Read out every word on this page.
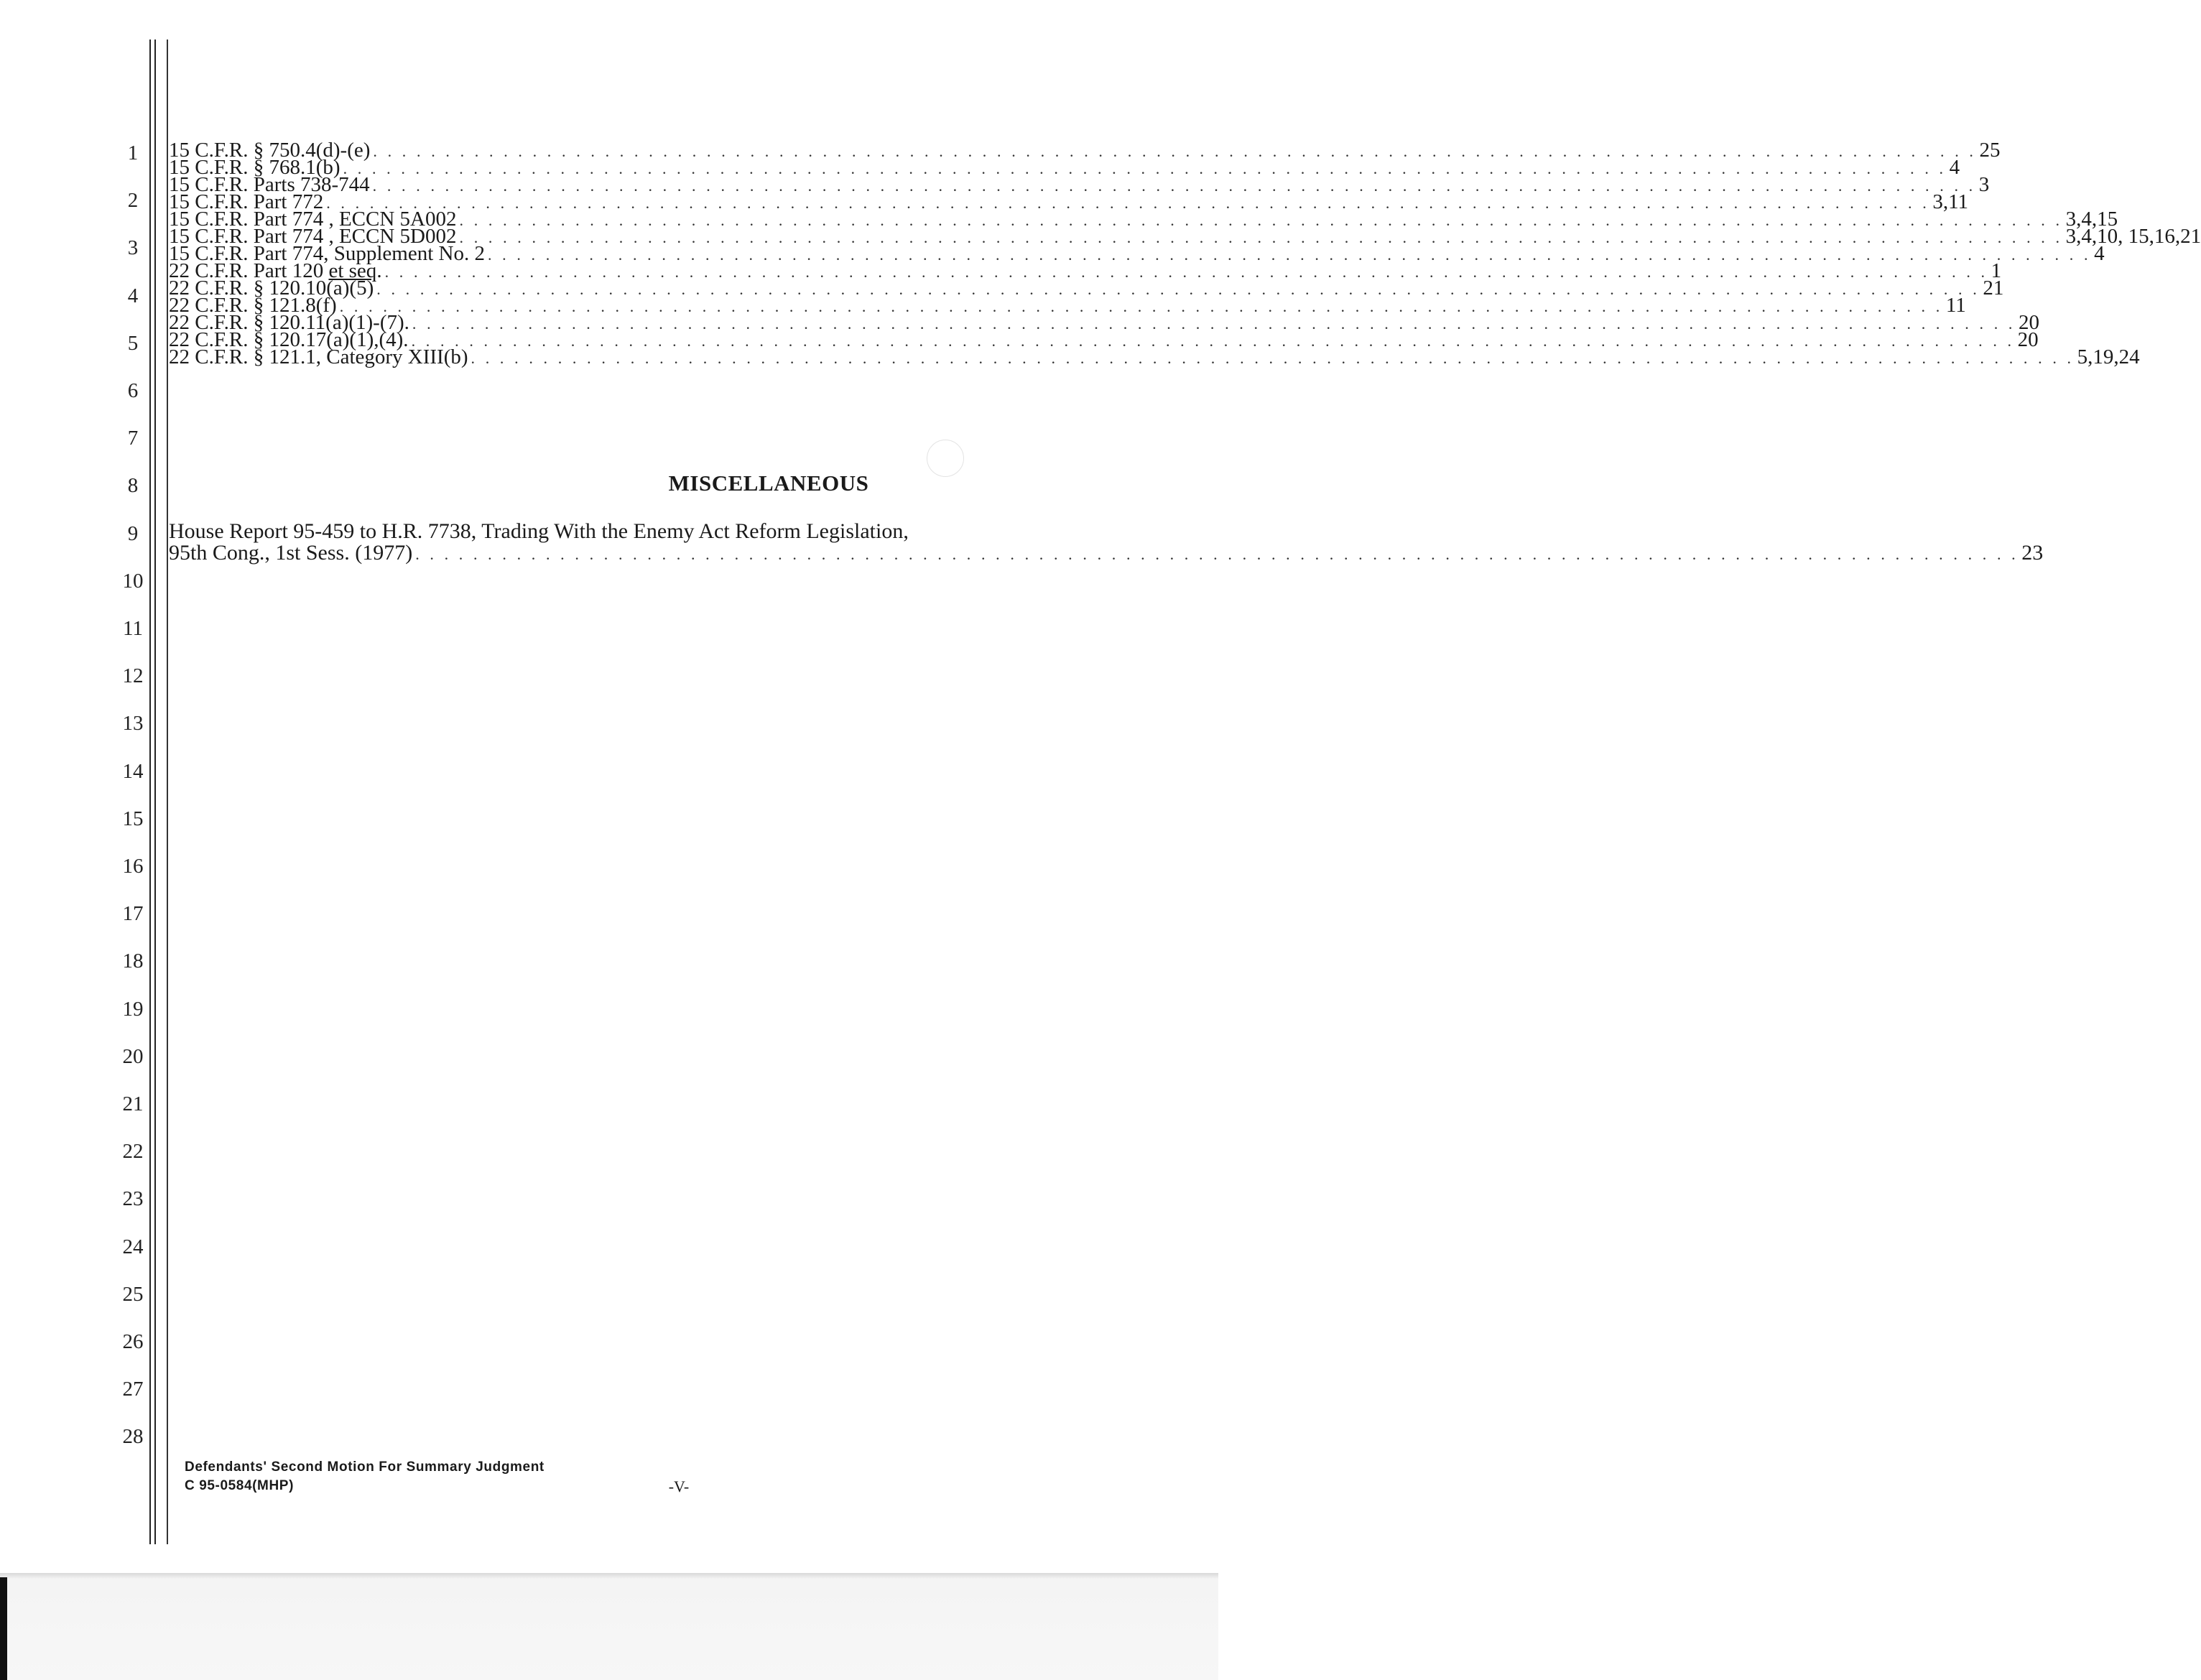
1
2
3
4
5
6
7
8
9
10
11
12
13
14
15
16
17
18
19
20
21
22
23
24
25
26
27
28
15 C.F.R. § 750.4(d)-(e) . . . . . . . . . . . . . . . . . . . . . . . . . . . . . . . . . . . . . . . . . . . . . . . . . . . . . . . . . . . . . . . . . . . . . . . . . . . . . . . . . . . . . . . . . . . . . . . . . . . . . . . . . . . . . . . 25
15 C.F.R. § 768.1(b) . . . . . . . . . . . . . . . . . . . . . . . . . . . . . . . . . . . . . . . . . . . . . . . . . . . . . . . . . . . . . . . . . . . . . . . . . . . . . . . . . . . . . . . . . . . . . . . . . . . . . . . . . . . . . . . 4
15 C.F.R. Parts 738-744 . . . . . . . . . . . . . . . . . . . . . . . . . . . . . . . . . . . . . . . . . . . . . . . . . . . . . . . . . . . . . . . . . . . . . . . . . . . . . . . . . . . . . . . . . . . . . . . . . . . . . . . . . . . . . . . 3
15 C.F.R. Part 772 . . . . . . . . . . . . . . . . . . . . . . . . . . . . . . . . . . . . . . . . . . . . . . . . . . . . . . . . . . . . . . . . . . . . . . . . . . . . . . . . . . . . . . . . . . . . . . . . . . . . . . . . . . . . . . . 3,11
15 C.F.R. Part 774 , ECCN 5A002 . . . . . . . . . . . . . . . . . . . . . . . . . . . . . . . . . . . . . . . . . . . . . . . . . . . . . . . . . . . . . . . . . . . . . . . . . . . . . . . . . . . . . . . . . . . . . . . . . . . . . . . . . . . . . . . 3,4,15
15 C.F.R. Part 774 , ECCN 5D002 . . . . . . . . . . . . . . . . . . . . . . . . . . . . . . . . . . . . . . . . . . . . . . . . . . . . . . . . . . . . . . . . . . . . . . . . . . . . . . . . . . . . . . . . . . . . . . . . . . . . . . . . . . . . . . . 3,4,10, 15,16,21
15 C.F.R. Part 774, Supplement No. 2 . . . . . . . . . . . . . . . . . . . . . . . . . . . . . . . . . . . . . . . . . . . . . . . . . . . . . . . . . . . . . . . . . . . . . . . . . . . . . . . . . . . . . . . . . . . . . . . . . . . . . . . . . . . . . . . 4
22 C.F.R. Part 120 et seq. . . . . . . . . . . . . . . . . . . . . . . . . . . . . . . . . . . . . . . . . . . . . . . . . . . . . . . . . . . . . . . . . . . . . . . . . . . . . . . . . . . . . . . . . . . . . . . . . . . . . . . . . . . . . . . . 1
22 C.F.R. § 120.10(a)(5) . . . . . . . . . . . . . . . . . . . . . . . . . . . . . . . . . . . . . . . . . . . . . . . . . . . . . . . . . . . . . . . . . . . . . . . . . . . . . . . . . . . . . . . . . . . . . . . . . . . . . . . . . . . . . . . 21
22 C.F.R. § 121.8(f) . . . . . . . . . . . . . . . . . . . . . . . . . . . . . . . . . . . . . . . . . . . . . . . . . . . . . . . . . . . . . . . . . . . . . . . . . . . . . . . . . . . . . . . . . . . . . . . . . . . . . . . . . . . . . . . 11
22 C.F.R. § 120.11(a)(1)-(7). . . . . . . . . . . . . . . . . . . . . . . . . . . . . . . . . . . . . . . . . . . . . . . . . . . . . . . . . . . . . . . . . . . . . . . . . . . . . . . . . . . . . . . . . . . . . . . . . . . . . . . . . . . . . . . . 20
22 C.F.R. § 120.17(a)(1),(4). . . . . . . . . . . . . . . . . . . . . . . . . . . . . . . . . . . . . . . . . . . . . . . . . . . . . . . . . . . . . . . . . . . . . . . . . . . . . . . . . . . . . . . . . . . . . . . . . . . . . . . . . . . . . . . . 20
22 C.F.R. § 121.1, Category XIII(b) . . . . . . . . . . . . . . . . . . . . . . . . . . . . . . . . . . . . . . . . . . . . . . . . . . . . . . . . . . . . . . . . . . . . . . . . . . . . . . . . . . . . . . . . . . . . . . . . . . . . . . . . . . . . . . . 5,19,24
MISCELLANEOUS
House Report 95-459 to H.R. 7738, Trading With the Enemy Act Reform Legislation,
95th Cong., 1st Sess. (1977) . . . . . . . . . . . . . . . . . . . . . . . . . . . . . . . . . . . . . . . . . . . . . . . . . . . . . . . . . . . . . . . . . . . . . . . . . . . . . . . . . . . . . . . . . . . . . . . . . . . . . . . . . . . . . . . 23
Defendants' Second Motion For Summary Judgment
C 95-0584(MHP)	-V-
